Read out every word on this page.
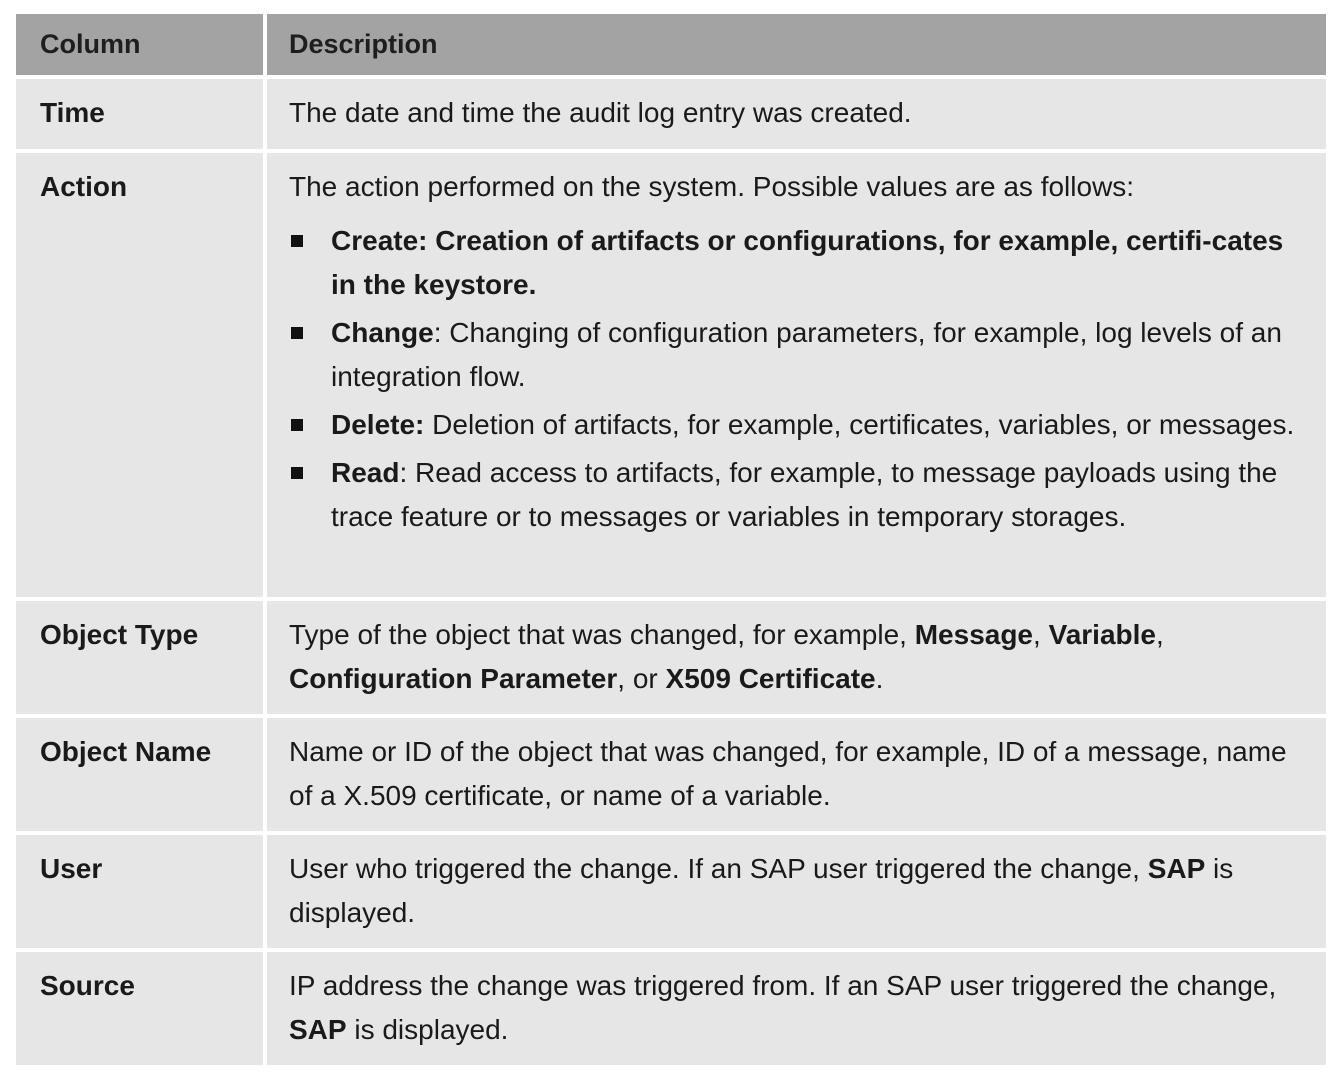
Column	Description
Time	The date and time the audit log entry was created.
Action	The action performed on the system. Possible values are as follows:
Create: Creation of artifacts or configurations, for example, certifi-cates in the keystore.
Change: Changing of configuration parameters, for example, log levels of an integration flow.
Delete: Deletion of artifacts, for example, certificates, variables, or messages.
Read: Read access to artifacts, for example, to message payloads using the trace feature or to messages or variables in temporary storages.
Object Type	Type of the object that was changed, for example, Message, Variable, Configuration Parameter, or X509 Certificate.
Object Name	Name or ID of the object that was changed, for example, ID of a message, name of a X.509 certificate, or name of a variable.
User	User who triggered the change. If an SAP user triggered the change, SAP is displayed.
Source	IP address the change was triggered from. If an SAP user triggered the change, SAP is displayed.
